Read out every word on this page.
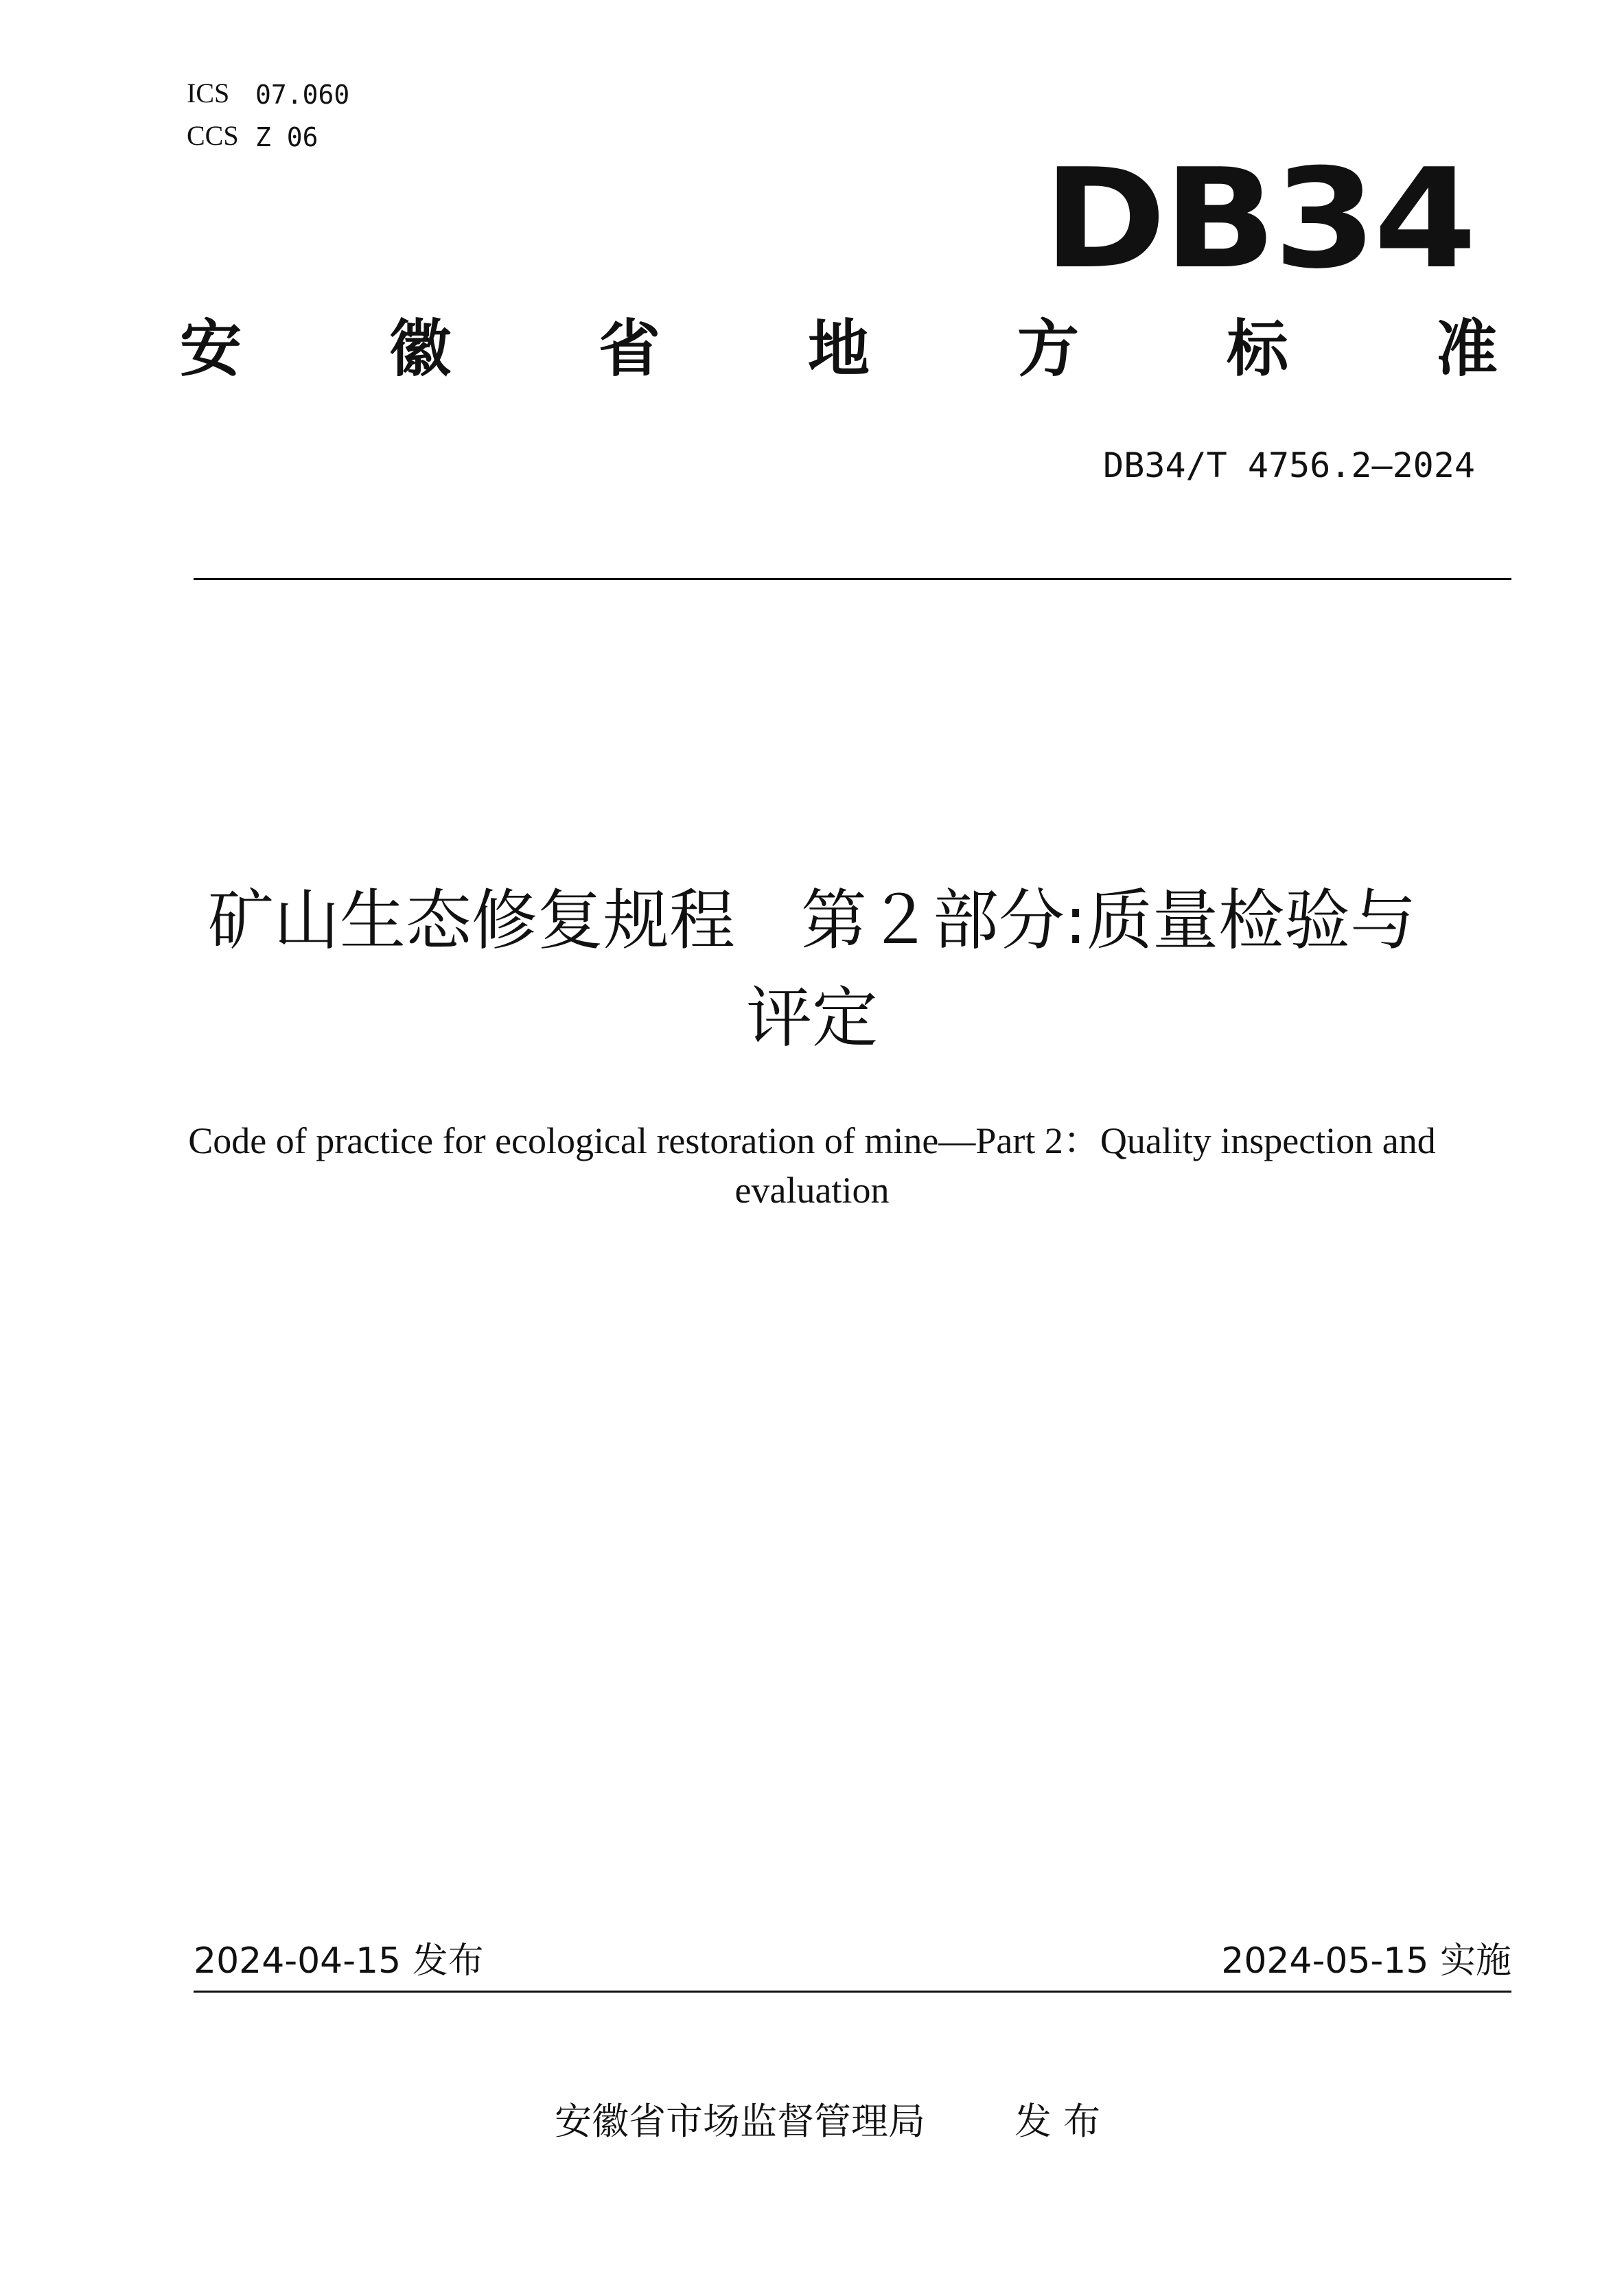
ICS 07.060
CCS Z 06
DB34
安 徽 省 地 方 标 准
DB34/T 4756.2—2024
矿山生态修复规程　第２部分:质量检验与
评定
Code of practice for ecological restoration of mine—Part 2：Quality inspection and
evaluation
2024-04-15 发布	2024-05-15 实施
安徽省市场监督管理局 发 布
